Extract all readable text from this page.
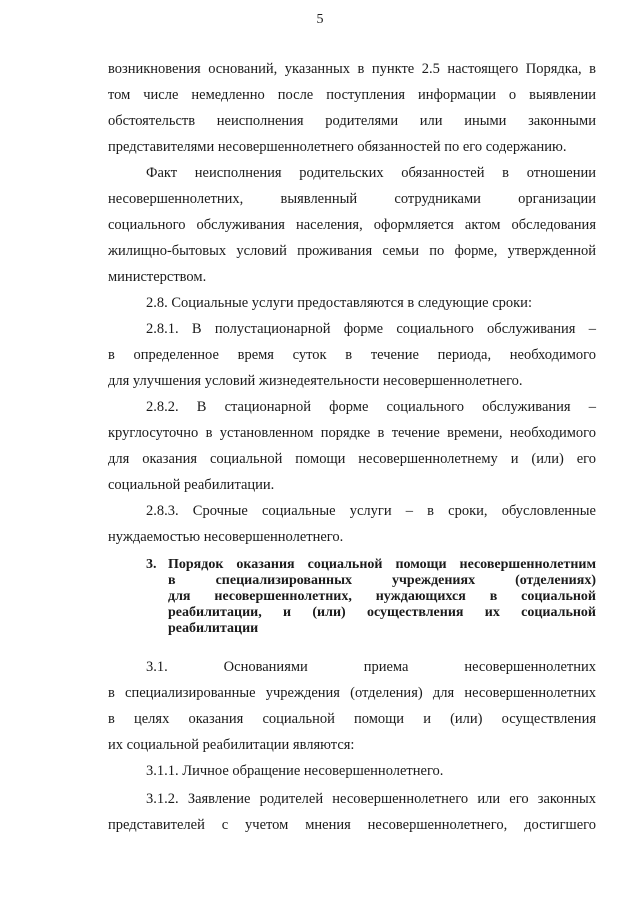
5
возникновения оснований, указанных в пункте 2.5 настоящего Порядка, в
том числе немедленно после поступления информации о выявлении
обстоятельств неисполнения родителями или иными законными
представителями несовершеннолетнего обязанностей по его содержанию.
Факт неисполнения родительских обязанностей в отношении
несовершеннолетних, выявленный сотрудниками организации
социального обслуживания населения, оформляется актом обследования
жилищно-бытовых условий проживания семьи по форме, утвержденной
министерством.
2.8. Социальные услуги предоставляются в следующие сроки:
2.8.1. В полустационарной форме социального обслуживания –
в определенное время суток в течение периода, необходимого
для улучшения условий жизнедеятельности несовершеннолетнего.
2.8.2. В стационарной форме социального обслуживания –
круглосуточно в установленном порядке в течение времени, необходимого
для оказания социальной помощи несовершеннолетнему и (или) его
социальной реабилитации.
2.8.3. Срочные социальные услуги – в сроки, обусловленные
нуждаемостью несовершеннолетнего.
3. Порядок оказания социальной помощи несовершеннолетним
в специализированных учреждениях (отделениях)
для несовершеннолетних, нуждающихся в социальной
реабилитации, и (или) осуществления их социальной
реабилитации
3.1. Основаниями приема несовершеннолетних
в специализированные учреждения (отделения) для несовершеннолетних
в целях оказания социальной помощи и (или) осуществления
их социальной реабилитации являются:
3.1.1. Личное обращение несовершеннолетнего.
3.1.2. Заявление родителей несовершеннолетнего или его законных
представителей с учетом мнения несовершеннолетнего, достигшего
